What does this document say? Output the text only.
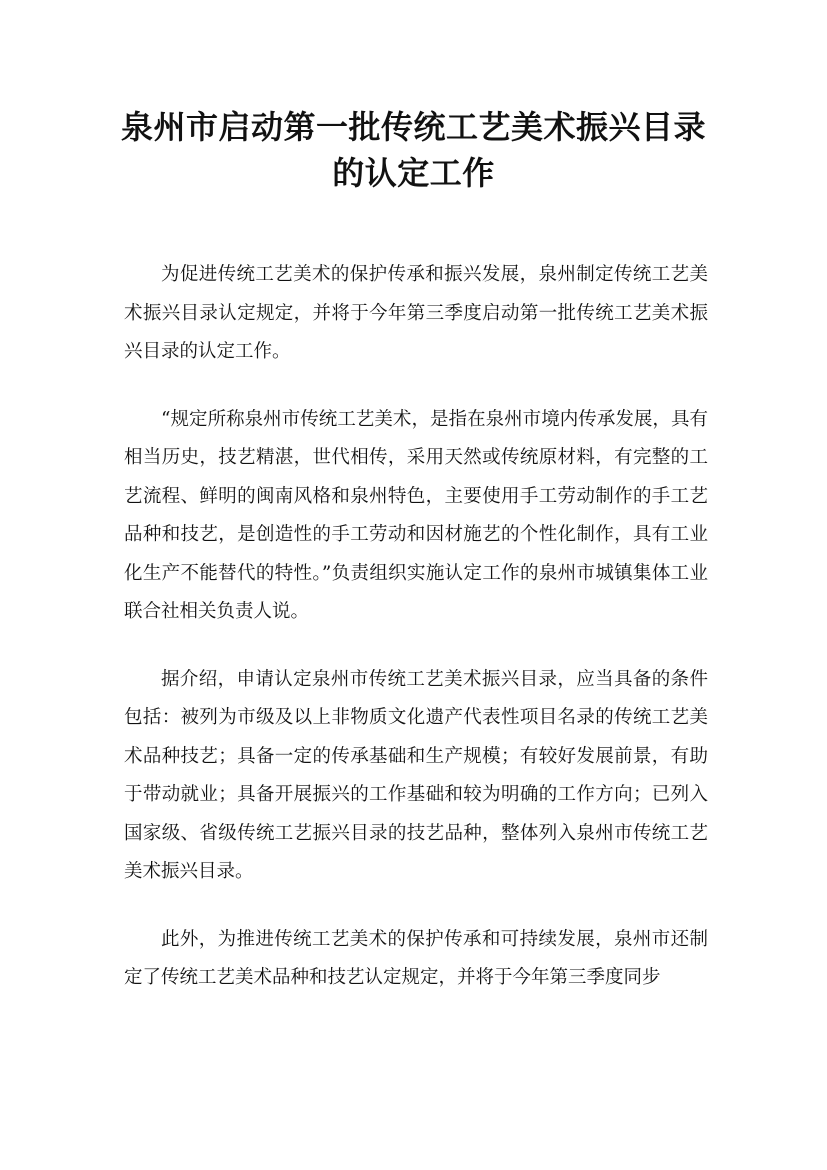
泉州市启动第一批传统工艺美术振兴目录
的认定工作

为促进传统工艺美术的保护传承和振兴发展，泉州制定传统工艺美术振兴目录认定规定，并将于今年第三季度启动第一批传统工艺美术振兴目录的认定工作。

“规定所称泉州市传统工艺美术，是指在泉州市境内传承发展，具有相当历史，技艺精湛，世代相传，采用天然或传统原材料，有完整的工艺流程、鲜明的闽南风格和泉州特色，主要使用手工劳动制作的手工艺品种和技艺，是创造性的手工劳动和因材施艺的个性化制作，具有工业化生产不能替代的特性。”负责组织实施认定工作的泉州市城镇集体工业联合社相关负责人说。

据介绍，申请认定泉州市传统工艺美术振兴目录，应当具备的条件包括：被列为市级及以上非物质文化遗产代表性项目名录的传统工艺美术品种技艺；具备一定的传承基础和生产规模；有较好发展前景，有助于带动就业；具备开展振兴的工作基础和较为明确的工作方向；已列入国家级、省级传统工艺振兴目录的技艺品种，整体列入泉州市传统工艺美术振兴目录。

此外，为推进传统工艺美术的保护传承和可持续发展，泉州市还制定了传统工艺美术品种和技艺认定规定，并将于今年第三季度同步
